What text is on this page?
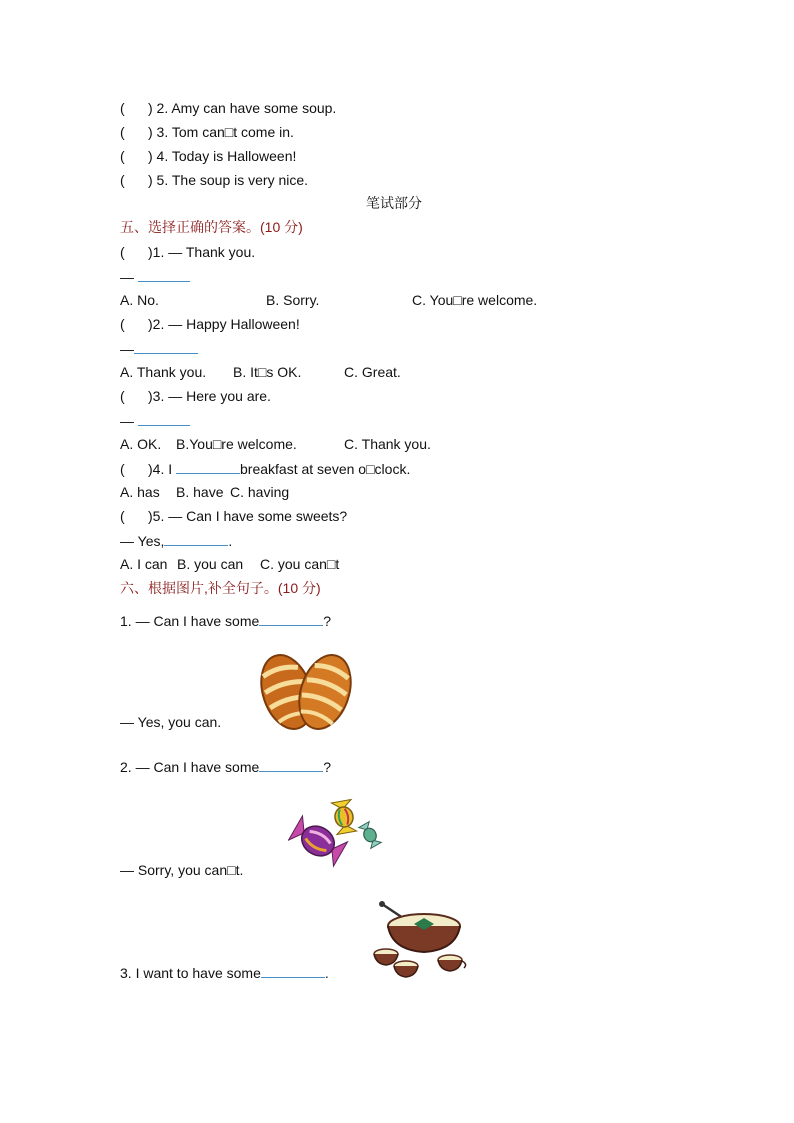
(      ) 2. Amy can have some soup.
(      ) 3. Tom can□t come in.
(      ) 4. Today is Halloween!
(      ) 5. The soup is very nice.
笔试部分
五、选择正确的答案。(10 分)
(      )1. — Thank you.
—
A. No.	B. Sorry.	C. You□re welcome.
(      )2. — Happy Halloween!
—
A. Thank you. B. It□s OK.	C. Great.
(      )3. — Here you are.
—
A. OK. B.You□re welcome.	C. Thank you.
(      )4. I	breakfast at seven o□clock.
A. has B. have C. having
(      )5. — Can I have some sweets?
— Yes,	.
A. I can B. you can C. you can□t
六、根据图片,补全句子。(10 分)
1. — Can I have some	?
— Yes, you can.
2. — Can I have some	?
— Sorry, you can□t.
3. I want to have some	.
